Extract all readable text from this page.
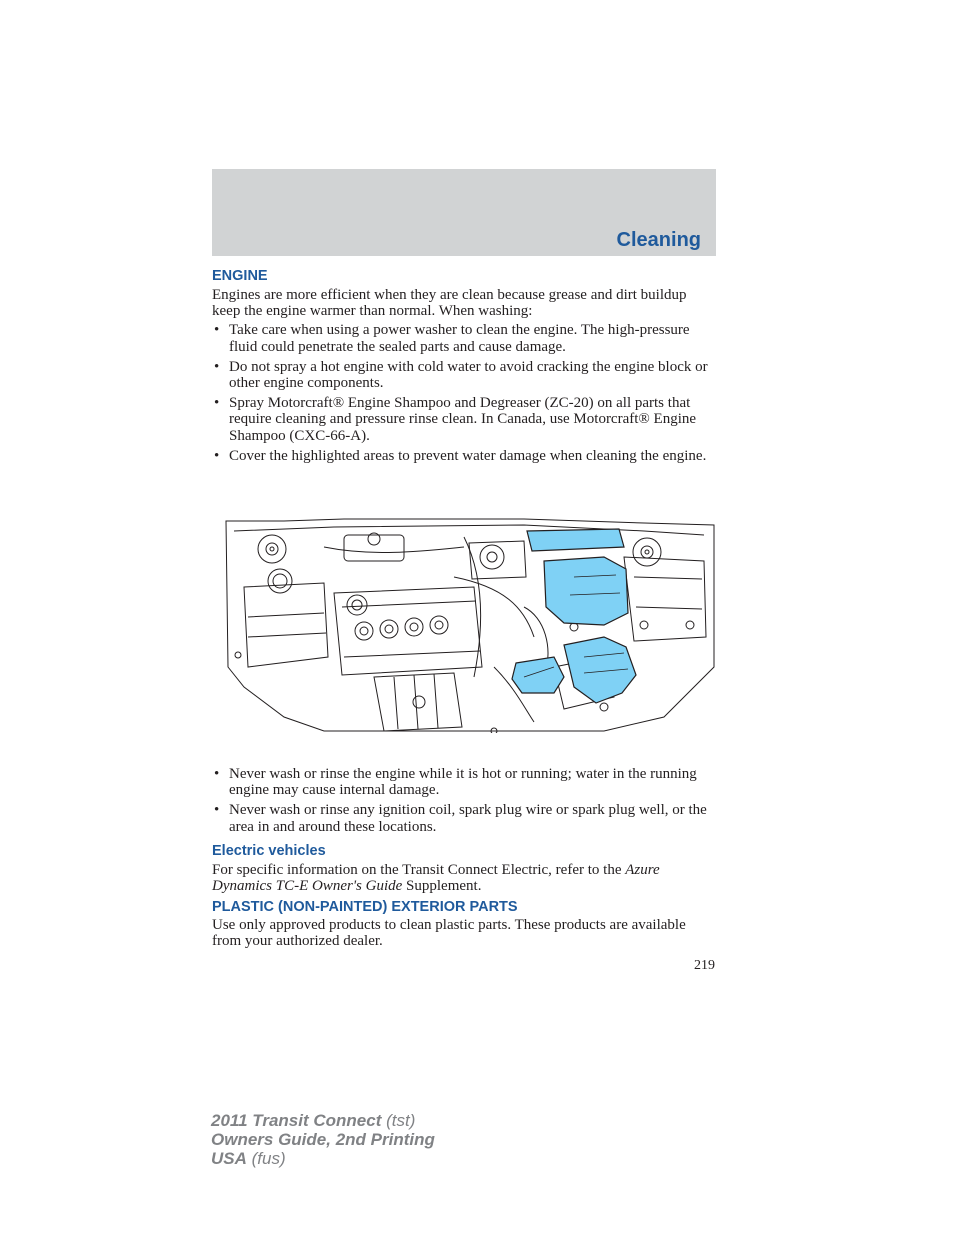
Cleaning
ENGINE

Engines are more efficient when they are clean because grease and dirt buildup keep the engine warmer than normal. When washing:

• Take care when using a power washer to clean the engine. The high-pressure fluid could penetrate the sealed parts and cause damage.
• Do not spray a hot engine with cold water to avoid cracking the engine block or other engine components.
• Spray Motorcraft® Engine Shampoo and Degreaser (ZC-20) on all parts that require cleaning and pressure rinse clean. In Canada, use Motorcraft® Engine Shampoo (CXC-66-A).
• Cover the highlighted areas to prevent water damage when cleaning the engine.
• Never wash or rinse the engine while it is hot or running; water in the running engine may cause internal damage.
• Never wash or rinse any ignition coil, spark plug wire or spark plug well, or the area in and around these locations.
Electric vehicles

For specific information on the Transit Connect Electric, refer to the Azure Dynamics TC-E Owner's Guide Supplement.

PLASTIC (NON-PAINTED) EXTERIOR PARTS

Use only approved products to clean plastic parts. These products are available from your authorized dealer.

219
2011 Transit Connect (tst)
Owners Guide, 2nd Printing
USA (fus)
